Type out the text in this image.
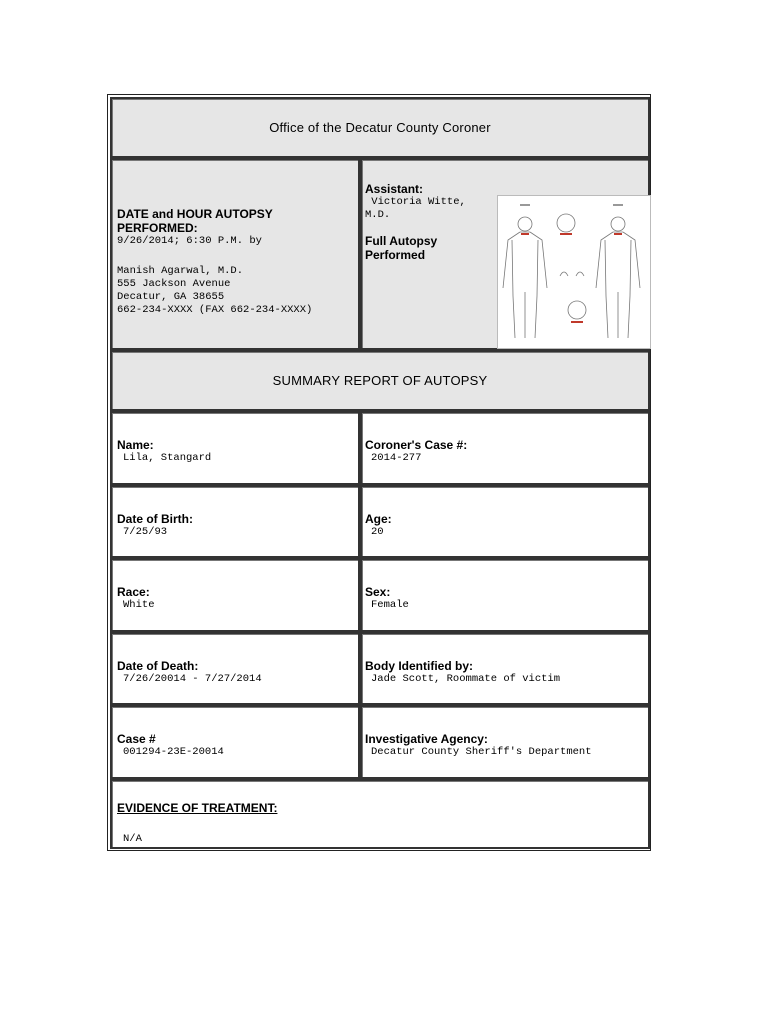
Office of the Decatur County Coroner
DATE and HOUR AUTOPSY PERFORMED:
9/26/2014; 6:30 P.M. by
Manish Agarwal, M.D.
555 Jackson Avenue
Decatur, GA 38655
662-234-XXXX (FAX 662-234-XXXX)
Assistant:
Victoria Witte,
M.D.
Full Autopsy Performed
SUMMARY REPORT OF AUTOPSY
Name:
Lila, Stangard
Coroner's Case #:
2014-277
Date of Birth:
7/25/93
Age:
20
Race:
White
Sex:
Female
Date of Death:
7/26/20014 - 7/27/2014
Body Identified by:
Jade Scott, Roommate of victim
Case #
001294-23E-20014
Investigative Agency:
Decatur County Sheriff's Department
EVIDENCE OF TREATMENT:
N/A
